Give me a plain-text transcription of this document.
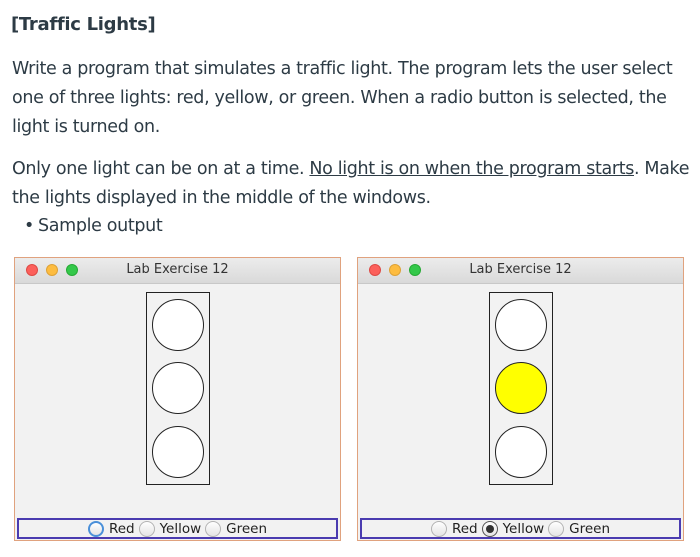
[Traffic Lights]

Write a program that simulates a traffic light. The program lets the user select one of three lights: red, yellow, or green. When a radio button is selected, the light is turned on.

Only one light can be on at a time. No light is on when the program starts. Make the lights displayed in the middle of the windows.

• Sample output
Lab Exercise 12
Red Yellow Green
Lab Exercise 12
Red Yellow Green
